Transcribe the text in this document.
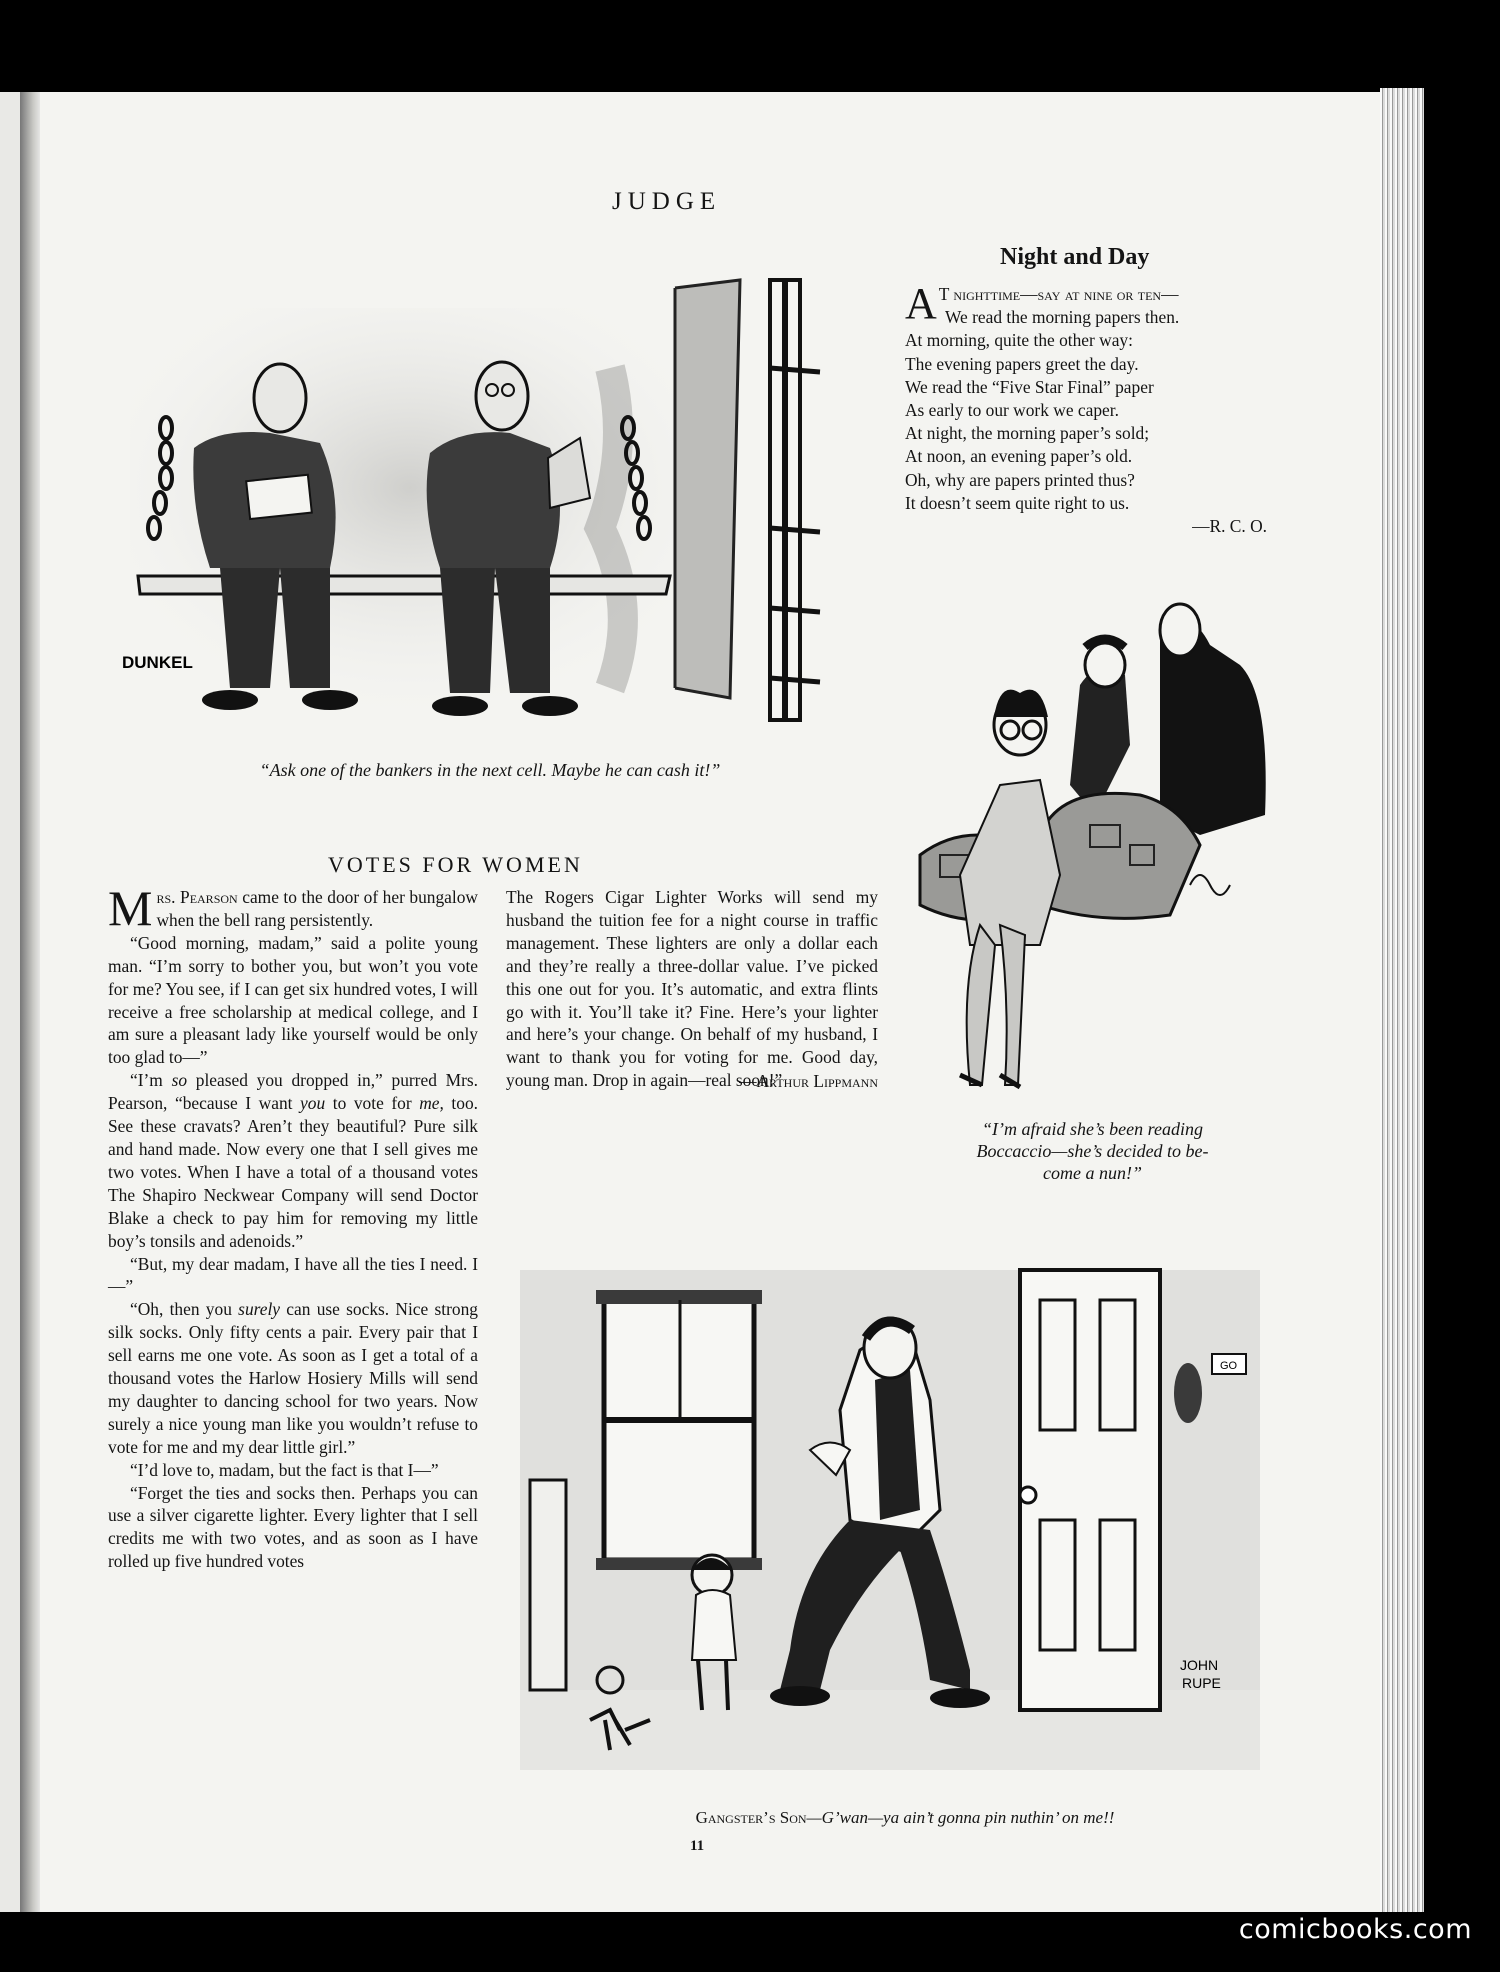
JUDGE
DUNKEL
“Ask one of the bankers in the next cell. Maybe he can cash it!”
Night and Day
A T nighttime—say at nine or ten—
We read the morning papers then.
At morning, quite the other way:
The evening papers greet the day.
We read the “Five Star Final” paper
As early to our work we caper.
At night, the morning paper’s sold;
At noon, an evening paper’s old.
Oh, why are papers printed thus?
It doesn’t seem quite right to us.
—R. C. O.
“I’m afraid she’s been reading
Boccaccio—she’s decided to be-
come a nun!”
VOTES FOR WOMEN

Mrs. Pearson came to the door of her bungalow when the bell rang persistently.

“Good morning, madam,” said a polite young man. “I’m sorry to bother you, but won’t you vote for me? You see, if I can get six hundred votes, I will receive a free scholarship at medical college, and I am sure a pleasant lady like yourself would be only too glad to—”

“I’m so pleased you dropped in,” purred Mrs. Pearson, “because I want you to vote for me, too. See these cravats? Aren’t they beautiful? Pure silk and hand made. Now every one that I sell gives me two votes. When I have a total of a thousand votes The Shapiro Neckwear Company will send Doctor Blake a check to pay him for removing my little boy’s tonsils and adenoids.”

“But, my dear madam, I have all the ties I need. I—”

“Oh, then you surely can use socks. Nice strong silk socks. Only fifty cents a pair. Every pair that I sell earns me one vote. As soon as I get a total of a thousand votes the Harlow Hosiery Mills will send my daughter to dancing school for two years. Now surely a nice young man like you wouldn’t refuse to vote for me and my dear little girl.”

“I’d love to, madam, but the fact is that I—”

“Forget the ties and socks then. Perhaps you can use a silver cigarette lighter. Every lighter that I sell credits me with two votes, and as soon as I have rolled up five hundred votes

The Rogers Cigar Lighter Works will send my husband the tuition fee for a night course in traffic management. These lighters are only a dollar each and they’re really a three-dollar value. I’ve picked this one out for you. It’s automatic, and extra flints go with it. You’ll take it? Fine. Here’s your lighter and here’s your change. On behalf of my husband, I want to thank you for voting for me. Good day, young man. Drop in again—real soon!”

—Arthur Lippmann
GO
JOHN
RUPE
Gangster’s Son—G’wan—ya ain’t gonna pin nuthin’ on me!!
11
comicbooks.com
